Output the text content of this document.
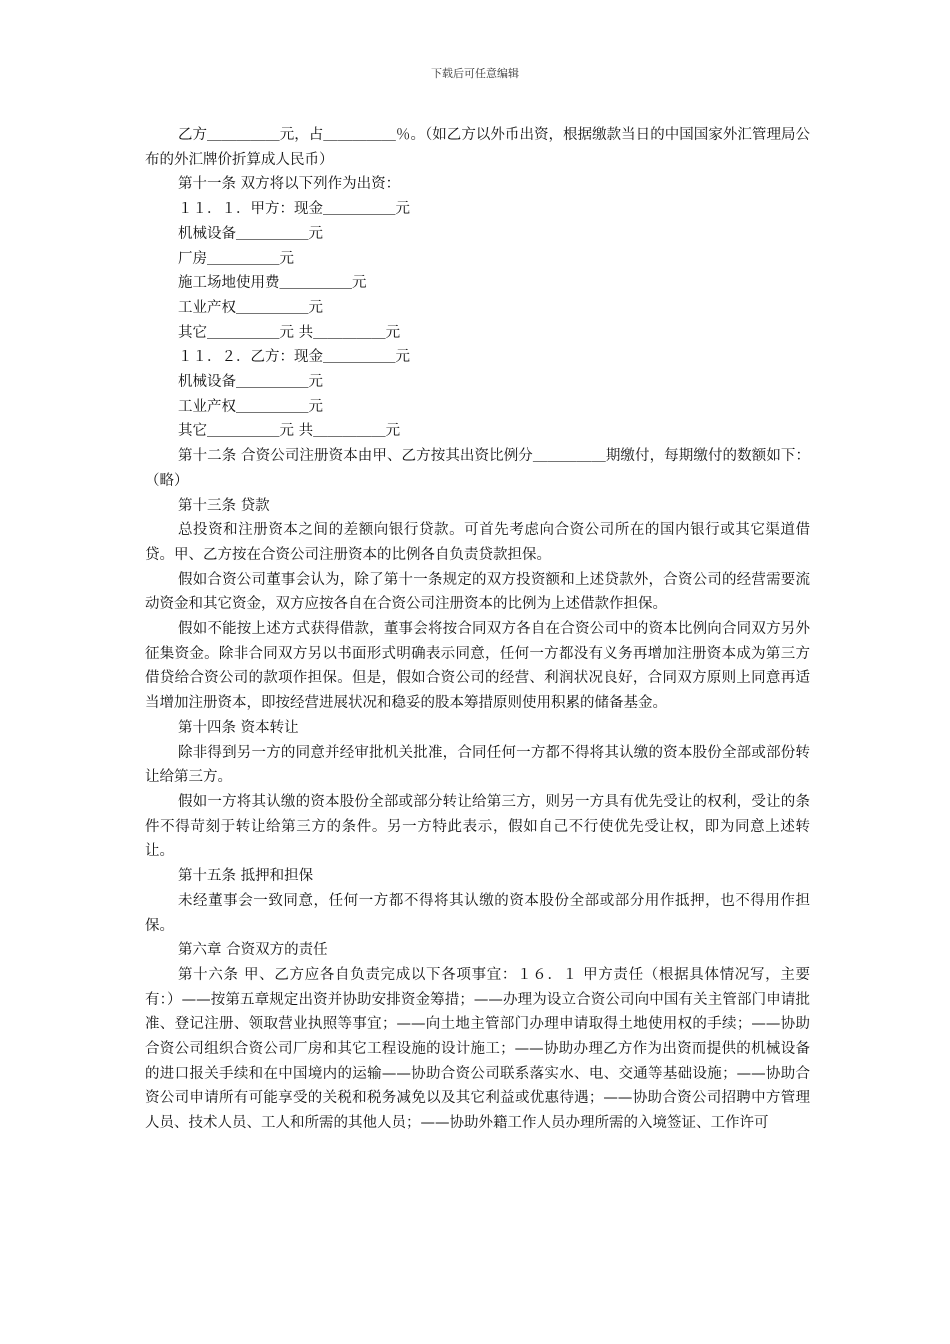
下载后可任意编辑

乙方＿＿＿＿＿元，占＿＿＿＿＿％。（如乙方以外币出资，根据缴款当日的中国国家外汇管理局公布的外汇牌价折算成人民币）

第十一条 双方将以下列作为出资：

１１．１．甲方：现金＿＿＿＿＿元

机械设备＿＿＿＿＿元

厂房＿＿＿＿＿元

施工场地使用费＿＿＿＿＿元

工业产权＿＿＿＿＿元

其它＿＿＿＿＿元 共＿＿＿＿＿元

１１．２．乙方：现金＿＿＿＿＿元

机械设备＿＿＿＿＿元

工业产权＿＿＿＿＿元

其它＿＿＿＿＿元 共＿＿＿＿＿元

第十二条 合资公司注册资本由甲、乙方按其出资比例分＿＿＿＿＿期缴付，每期缴付的数额如下：（略）

第十三条 贷款

总投资和注册资本之间的差额向银行贷款。可首先考虑向合资公司所在的国内银行或其它渠道借贷。甲、乙方按在合资公司注册资本的比例各自负责贷款担保。

假如合资公司董事会认为，除了第十一条规定的双方投资额和上述贷款外，合资公司的经营需要流动资金和其它资金，双方应按各自在合资公司注册资本的比例为上述借款作担保。

假如不能按上述方式获得借款，董事会将按合同双方各自在合资公司中的资本比例向合同双方另外征集资金。除非合同双方另以书面形式明确表示同意，任何一方都没有义务再增加注册资本成为第三方借贷给合资公司的款项作担保。但是，假如合资公司的经营、利润状况良好，合同双方原则上同意再适当增加注册资本，即按经营进展状况和稳妥的股本筹措原则使用积累的储备基金。

第十四条 资本转让

除非得到另一方的同意并经审批机关批准，合同任何一方都不得将其认缴的资本股份全部或部份转让给第三方。

假如一方将其认缴的资本股份全部或部分转让给第三方，则另一方具有优先受让的权利，受让的条件不得苛刻于转让给第三方的条件。另一方特此表示，假如自己不行使优先受让权，即为同意上述转让。

第十五条 抵押和担保

未经董事会一致同意，任何一方都不得将其认缴的资本股份全部或部分用作抵押，也不得用作担保。

第六章 合资双方的责任

第十六条 甲、乙方应各自负责完成以下各项事宜：１６．１ 甲方责任（根据具体情况写，主要有：）——按第五章规定出资并协助安排资金筹措；——办理为设立合资公司向中国有关主管部门申请批准、登记注册、领取营业执照等事宜；——向土地主管部门办理申请取得土地使用权的手续；——协助合资公司组织合资公司厂房和其它工程设施的设计施工；——协助办理乙方作为出资而提供的机械设备的进口报关手续和在中国境内的运输——协助合资公司联系落实水、电、交通等基础设施；——协助合资公司申请所有可能享受的关税和税务减免以及其它利益或优惠待遇；——协助合资公司招聘中方管理人员、技术人员、工人和所需的其他人员；——协助外籍工作人员办理所需的入境签证、工作许可
